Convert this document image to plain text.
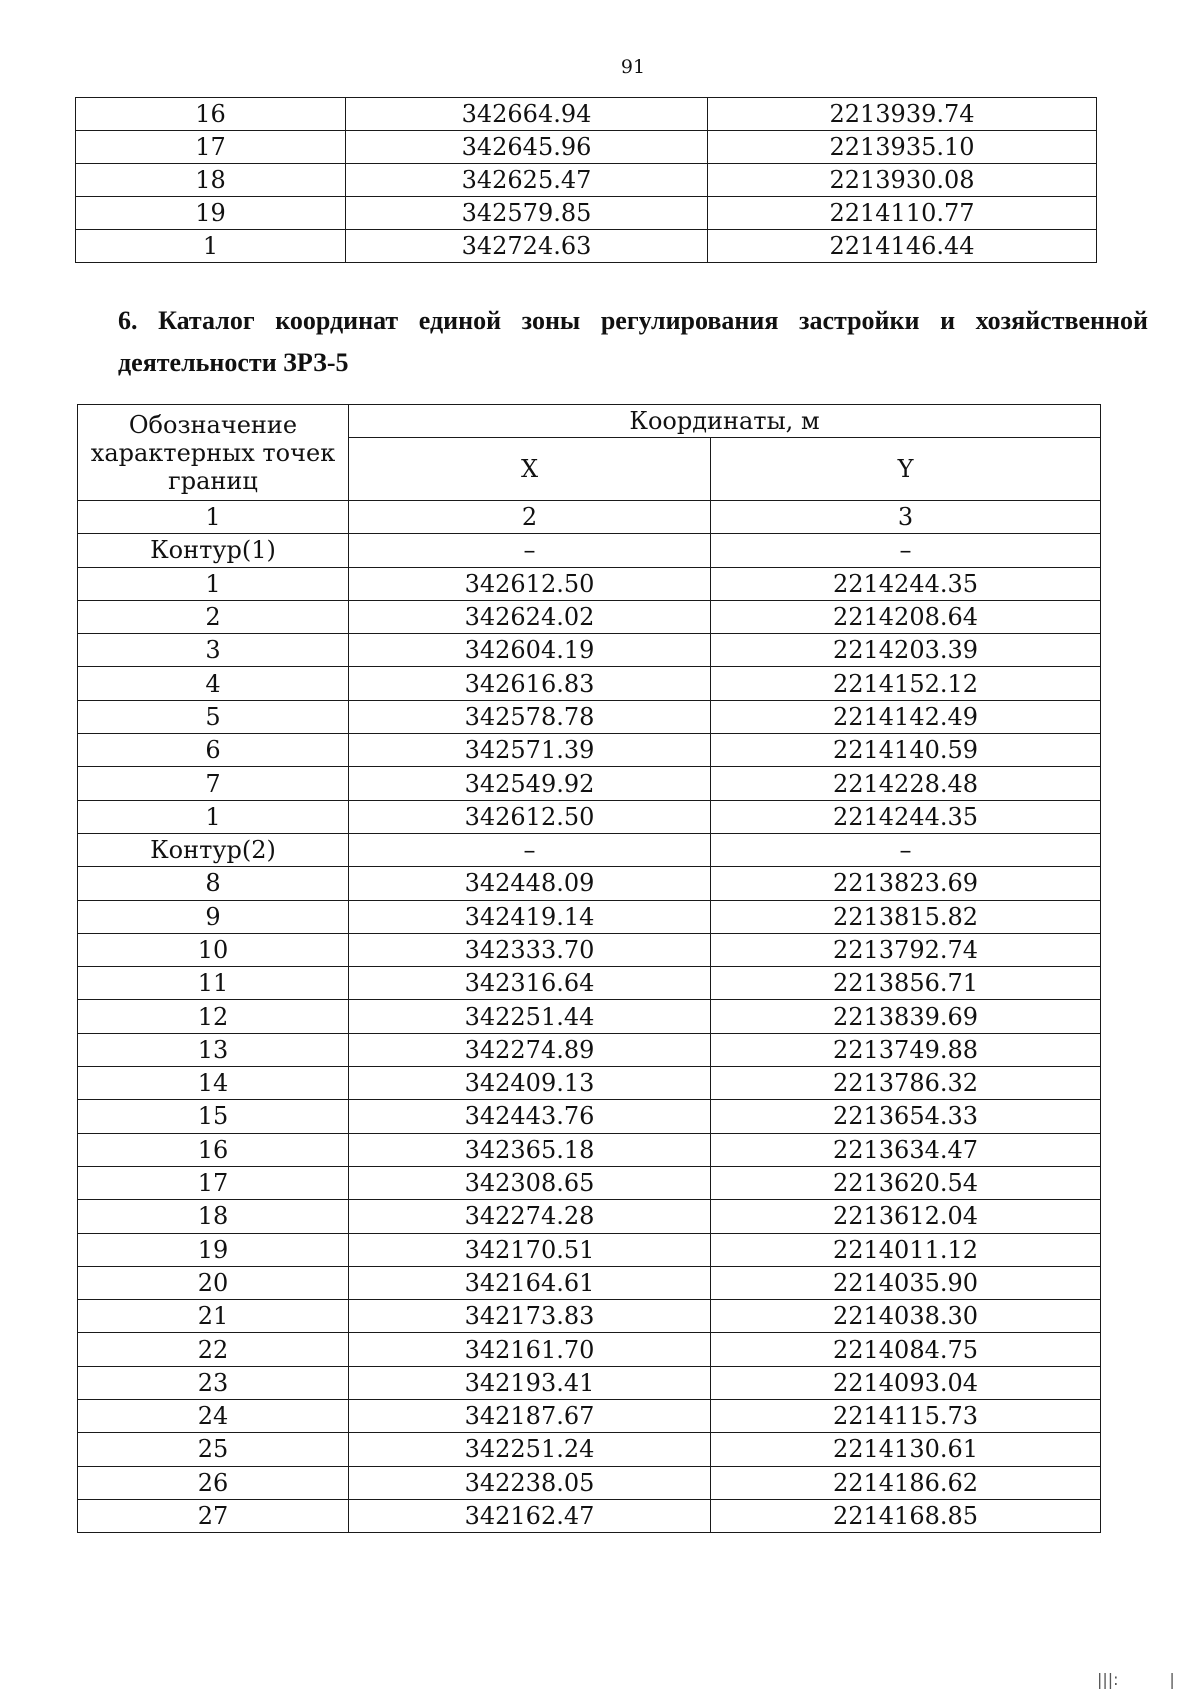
91
16	342664.94	2213939.74
17	342645.96	2213935.10
18	342625.47	2213930.08
19	342579.85	2214110.77
1	342724.63	2214146.44

6. Каталог координат единой зоны регулирования застройки и хозяйственной деятельности ЗРЗ-5

Обозначение характерных точек границ	Координаты, м	
	X	Y
1	2	3
Контур(1)	–	–
1	342612.50	2214244.35
2	342624.02	2214208.64
3	342604.19	2214203.39
4	342616.83	2214152.12
5	342578.78	2214142.49
6	342571.39	2214140.59
7	342549.92	2214228.48
1	342612.50	2214244.35
Контур(2)	–	–
8	342448.09	2213823.69
9	342419.14	2213815.82
10	342333.70	2213792.74
11	342316.64	2213856.71
12	342251.44	2213839.69
13	342274.89	2213749.88
14	342409.13	2213786.32
15	342443.76	2213654.33
16	342365.18	2213634.47
17	342308.65	2213620.54
18	342274.28	2213612.04
19	342170.51	2214011.12
20	342164.61	2214035.90
21	342173.83	2214038.30
22	342161.70	2214084.75
23	342193.41	2214093.04
24	342187.67	2214115.73
25	342251.24	2214130.61
26	342238.05	2214186.62
27	342162.47	2214168.85
|||:          |
